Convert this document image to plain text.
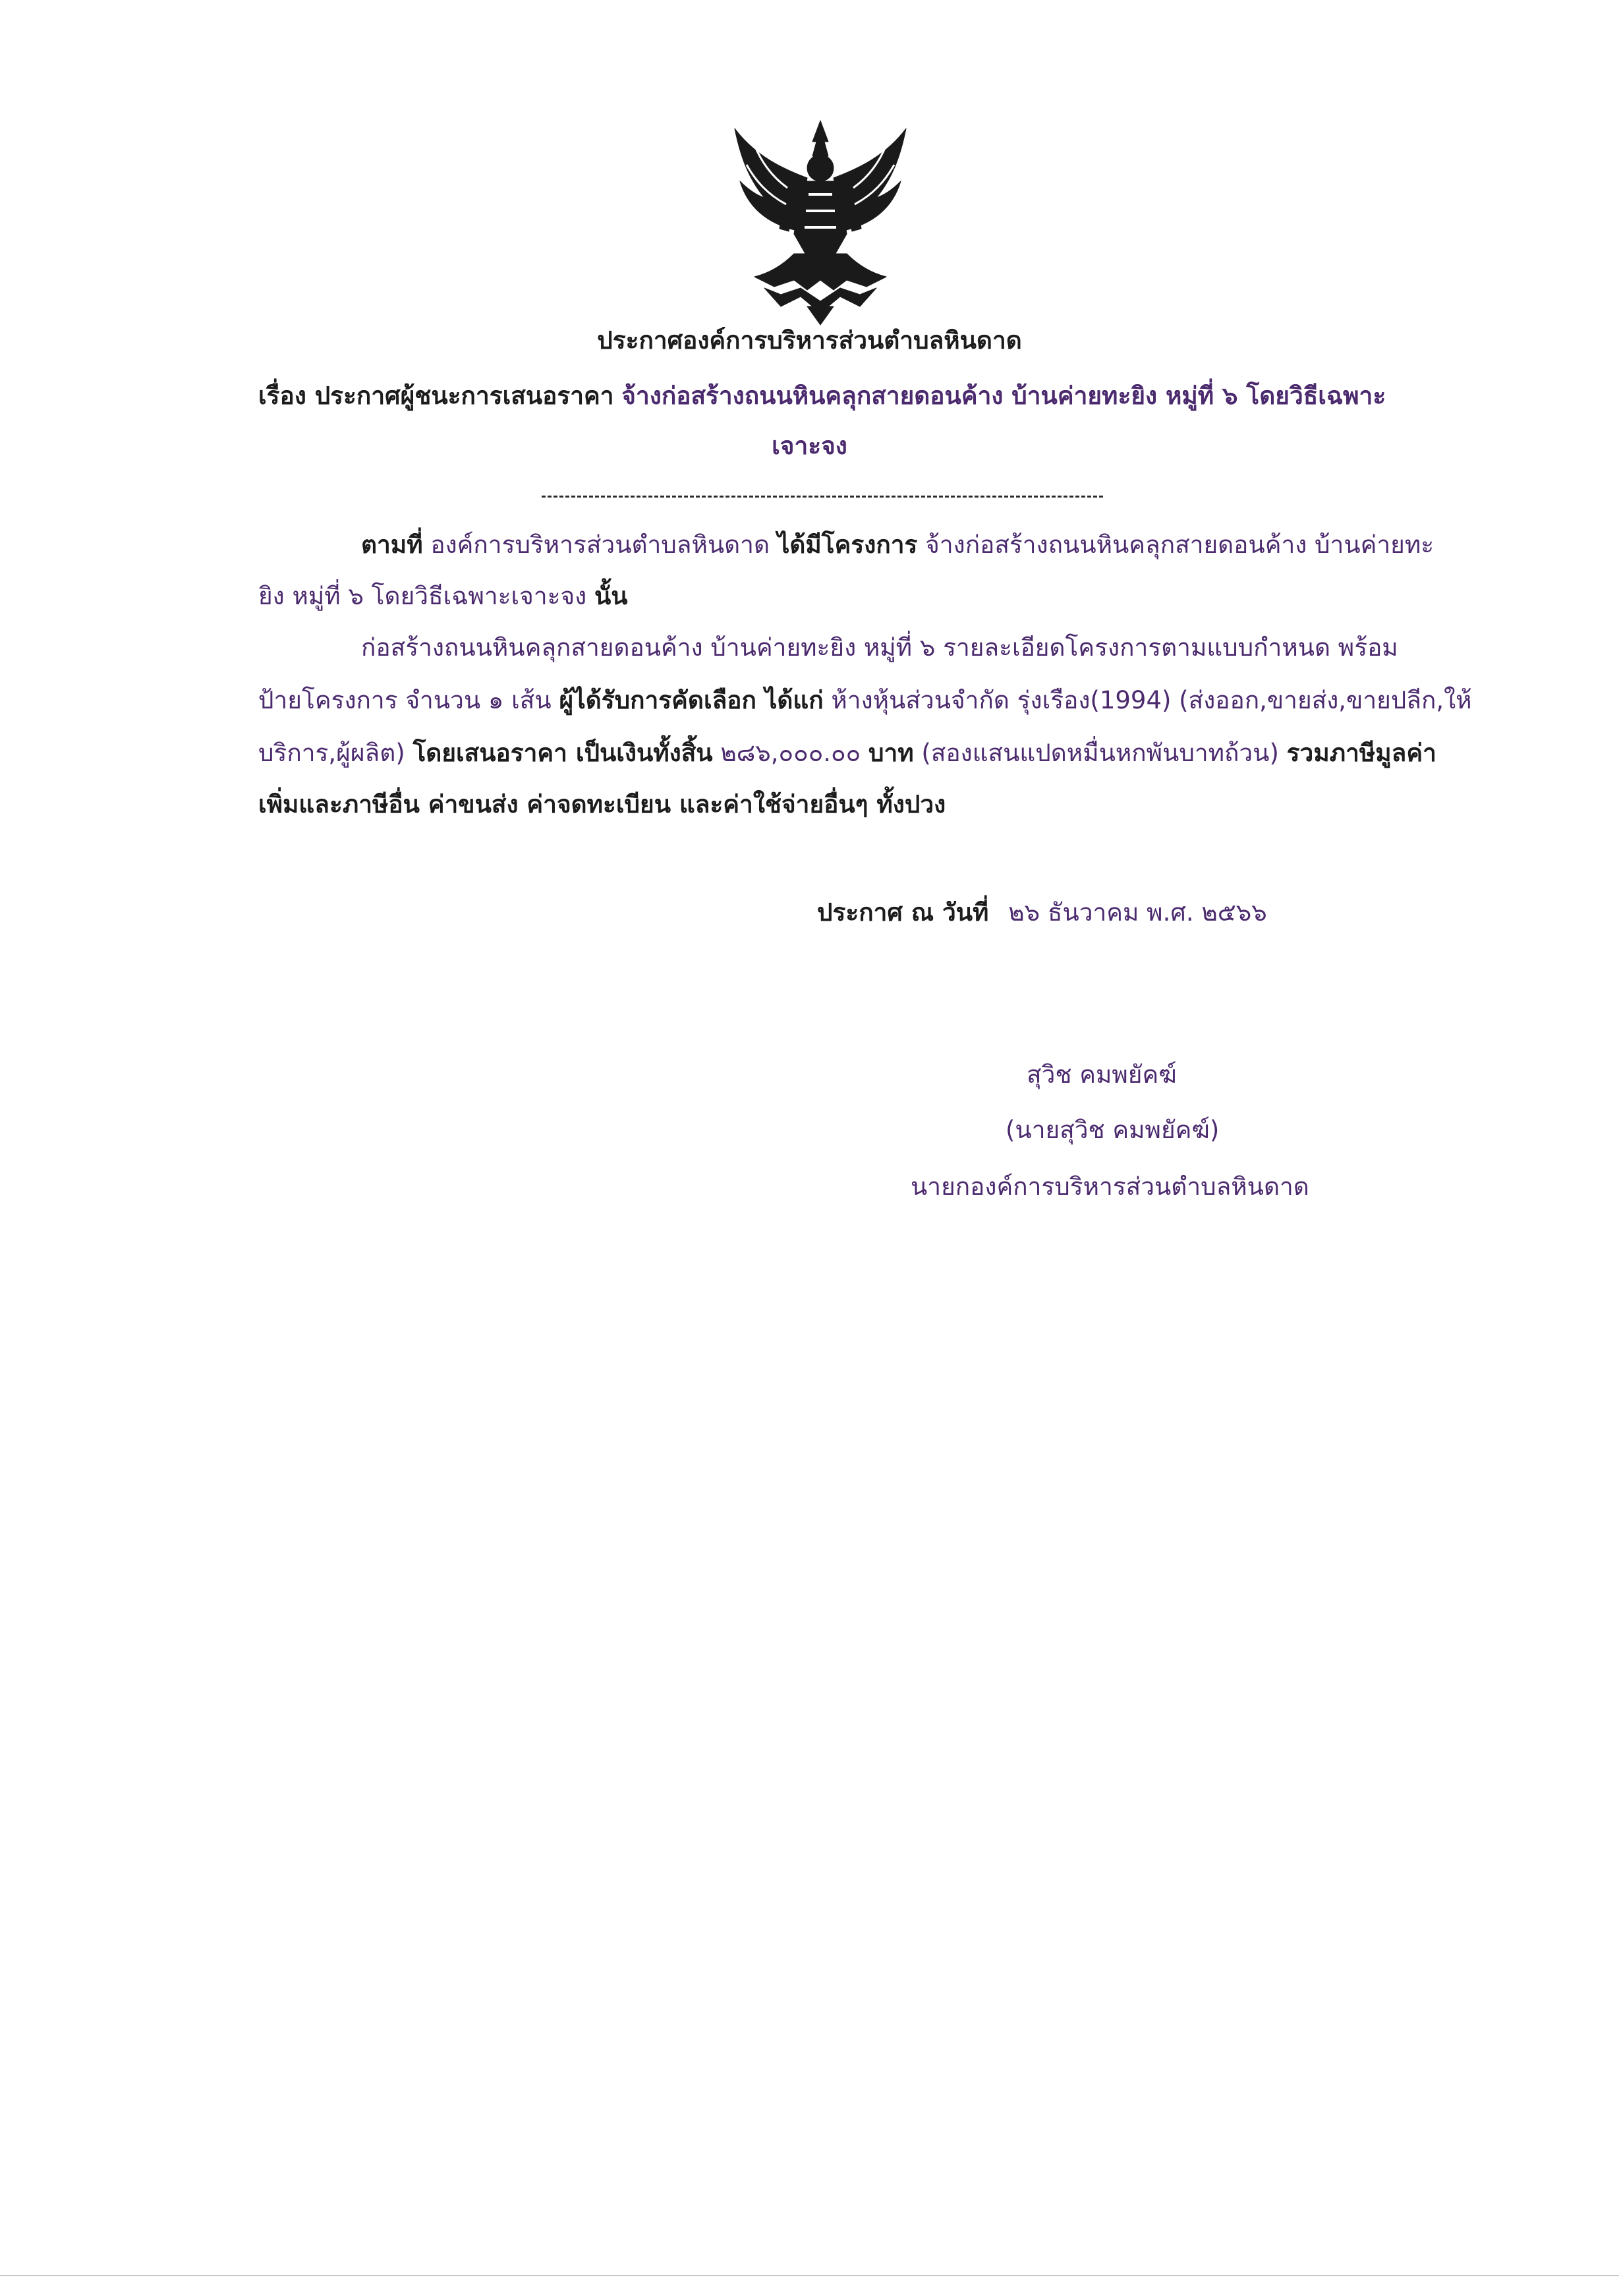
ประกาศองค์การบริหารส่วนตำบลหินดาด
เรื่อง ประกาศผู้ชนะการเสนอราคา จ้างก่อสร้างถนนหินคลุกสายดอนค้าง บ้านค่ายทะยิง หมู่ที่ ๖ โดยวิธีเฉพาะ
เจาะจง
ตามที่ องค์การบริหารส่วนตำบลหินดาด ได้มีโครงการ จ้างก่อสร้างถนนหินคลุกสายดอนค้าง บ้านค่ายทะ
ยิง หมู่ที่ ๖ โดยวิธีเฉพาะเจาะจง นั้น
ก่อสร้างถนนหินคลุกสายดอนค้าง บ้านค่ายทะยิง หมู่ที่ ๖ รายละเอียดโครงการตามแบบกำหนด พร้อม
ป้ายโครงการ จำนวน ๑ เส้น ผู้ได้รับการคัดเลือก ได้แก่ ห้างหุ้นส่วนจำกัด รุ่งเรือง(1994) (ส่งออก,ขายส่ง,ขายปลีก,ให้
บริการ,ผู้ผลิต) โดยเสนอราคา เป็นเงินทั้งสิ้น ๒๘๖,๐๐๐.๐๐ บาท (สองแสนแปดหมื่นหกพันบาทถ้วน) รวมภาษีมูลค่า
เพิ่มและภาษีอื่น ค่าขนส่ง ค่าจดทะเบียน และค่าใช้จ่ายอื่นๆ ทั้งปวง
ประกาศ ณ วันที่ ๒๖ ธันวาคม พ.ศ. ๒๕๖๖
สุวิช คมพยัคฆ์
(นายสุวิช คมพยัคฆ์)
นายกองค์การบริหารส่วนตำบลหินดาด
